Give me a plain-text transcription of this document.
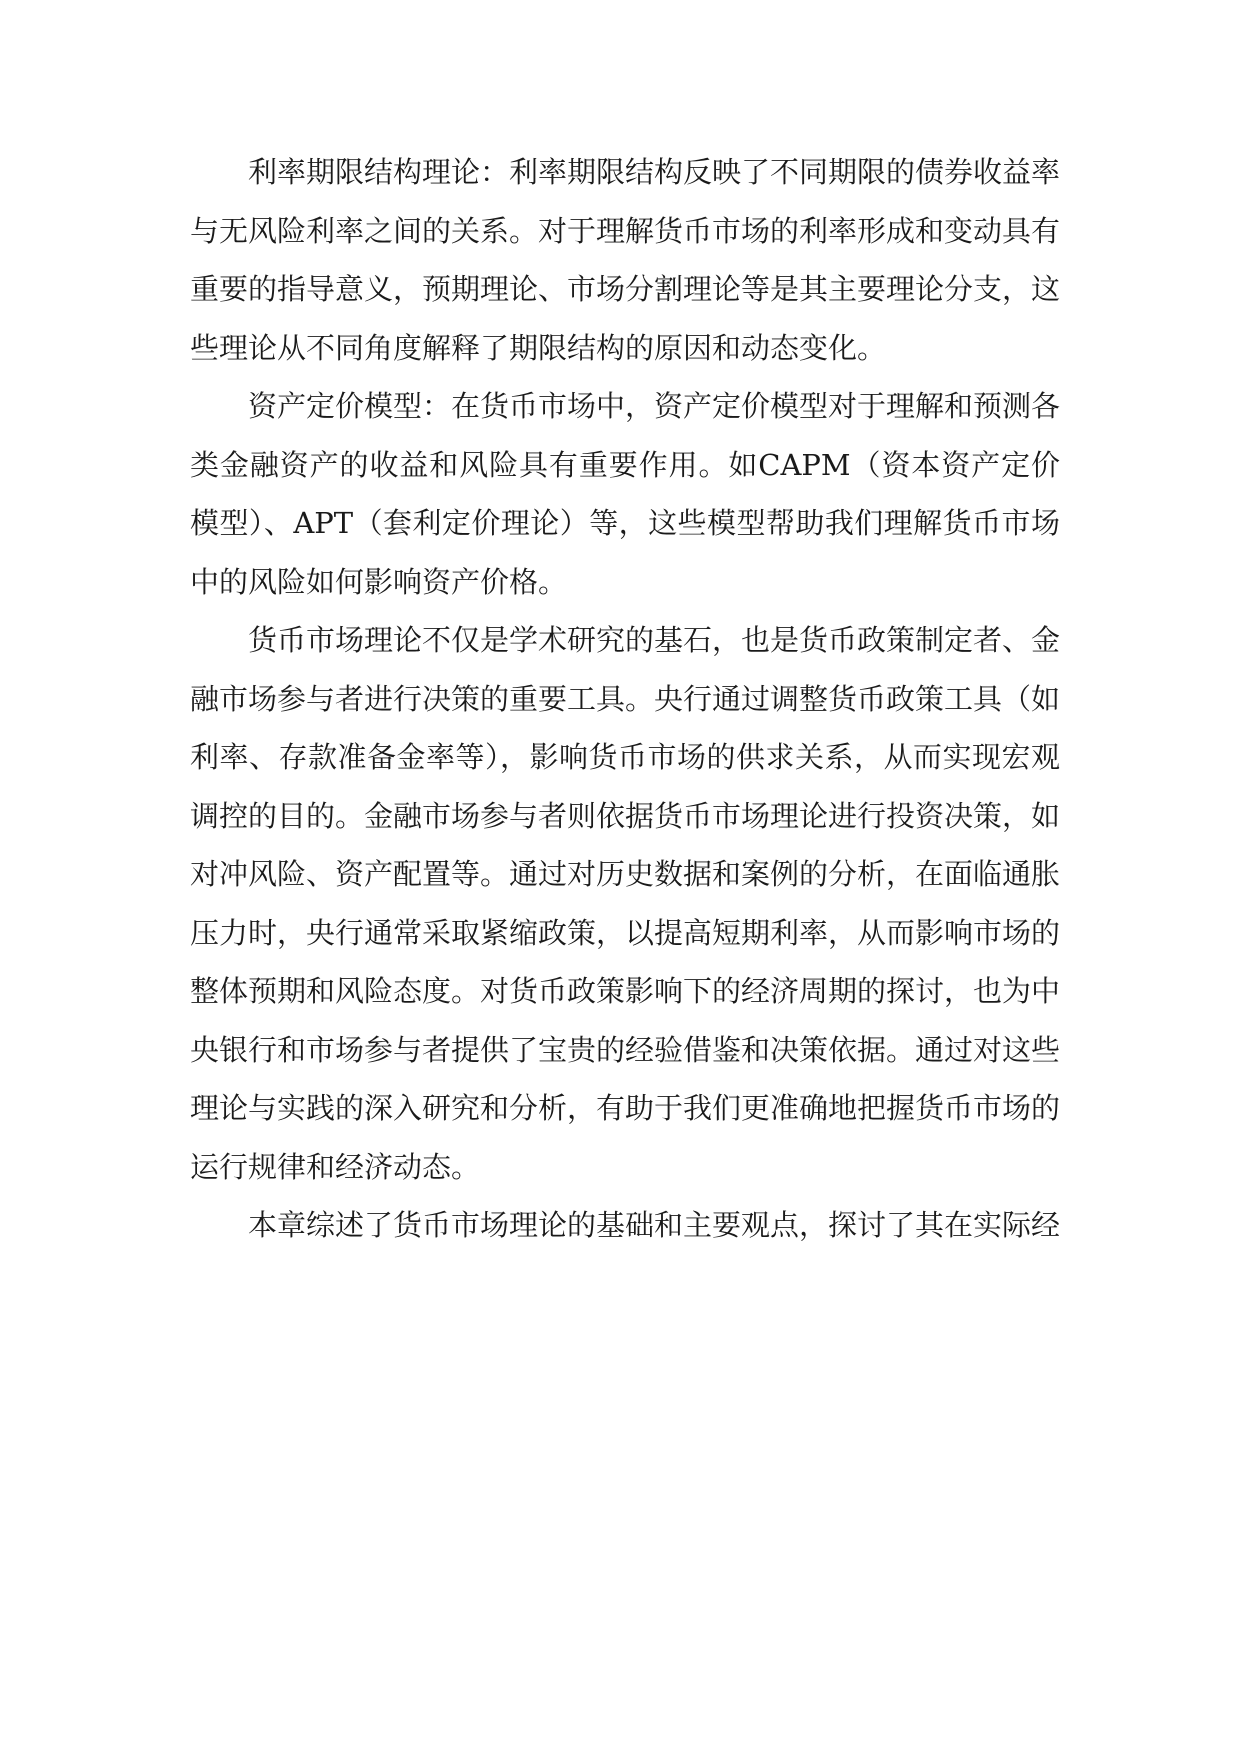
利率期限结构理论：利率期限结构反映了不同期限的债券收益率与无风险利率之间的关系。对于理解货币市场的利率形成和变动具有重要的指导意义，预期理论、市场分割理论等是其主要理论分支，这些理论从不同角度解释了期限结构的原因和动态变化。

资产定价模型：在货币市场中，资产定价模型对于理解和预测各类金融资产的收益和风险具有重要作用。如CAPM（资本资产定价模型）、APT（套利定价理论）等，这些模型帮助我们理解货币市场中的风险如何影响资产价格。

货币市场理论不仅是学术研究的基石，也是货币政策制定者、金融市场参与者进行决策的重要工具。央行通过调整货币政策工具（如利率、存款准备金率等），影响货币市场的供求关系，从而实现宏观调控的目的。金融市场参与者则依据货币市场理论进行投资决策，如对冲风险、资产配置等。通过对历史数据和案例的分析，在面临通胀压力时，央行通常采取紧缩政策，以提高短期利率，从而影响市场的整体预期和风险态度。对货币政策影响下的经济周期的探讨，也为中央银行和市场参与者提供了宝贵的经验借鉴和决策依据。通过对这些理论与实践的深入研究和分析，有助于我们更准确地把握货币市场的运行规律和经济动态。

本章综述了货币市场理论的基础和主要观点，探讨了其在实际经
